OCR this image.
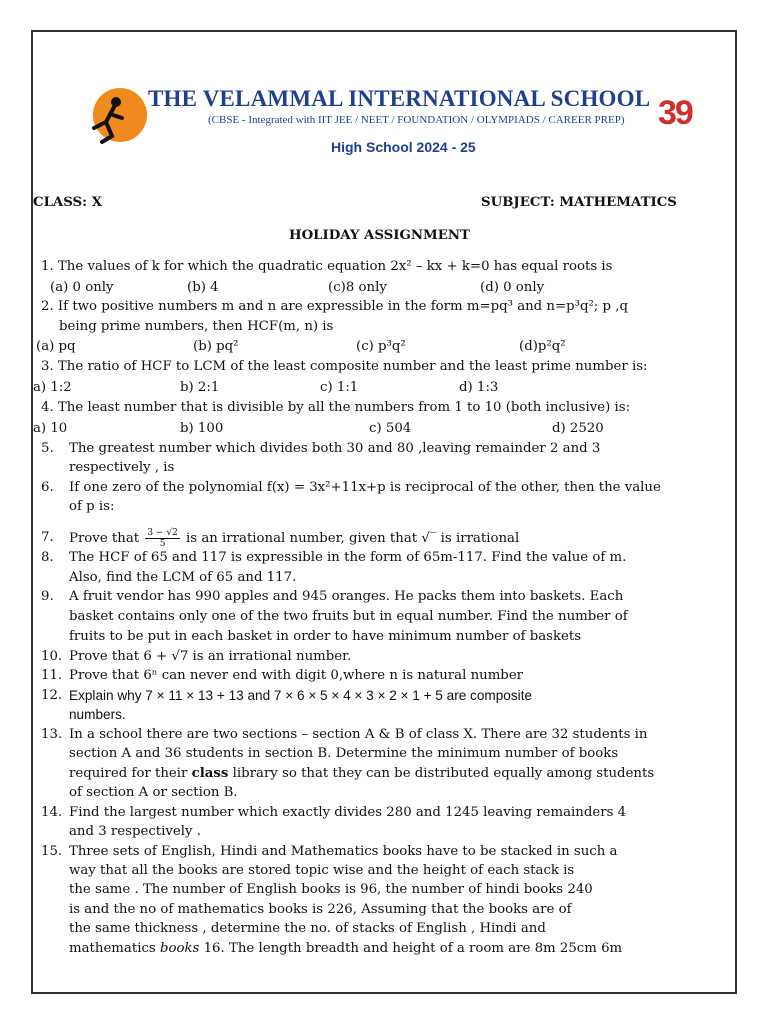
THE VELAMMAL INTERNATIONAL SCHOOL
(CBSE - Integrated with IIT JEE / NEET / FOUNDATION / OLYMPIADS / CAREER PREP)
High School 2024 - 25
39
CLASS: X	SUBJECT: MATHEMATICS
HOLIDAY ASSIGNMENT
1. The values of k for which the quadratic equation 2x² – kx + k=0 has equal roots is
(a) 0 only	(b) 4	(c)8 only	(d) 0 only
2. If two positive numbers m and n are expressible in the form m=pq³ and n=p³q²; p ,q
being prime numbers, then HCF(m, n) is
(a) pq	(b) pq²	(c) p³q²	(d)p²q²
3. The ratio of HCF to LCM of the least composite number and the least prime number is:
a) 1:2	b) 2:1	c) 1:1	d) 1:3
4. The least number that is divisible by all the numbers from 1 to 10 (both inclusive) is:
a) 10	b) 100	c) 504	d) 2520
5. The greatest number which divides both 30 and 80 ,leaving remainder 2 and 3
respectively , is
6. If one zero of the polynomial f(x) = 3x²+11x+p is reciprocal of the other, then the value
of p is:
7. Prove that $\frac{3 - √2}{5}$ is an irrational number, given that √‾ is irrational
8. The HCF of 65 and 117 is expressible in the form of 65m-117. Find the value of m.
Also, find the LCM of 65 and 117.
9. A fruit vendor has 990 apples and 945 oranges. He packs them into baskets. Each
basket contains only one of the two fruits but in equal number. Find the number of
fruits to be put in each basket in order to have minimum number of baskets
10. Prove that 6 + √7 is an irrational number.
11. Prove that 6ⁿ can never end with digit 0,where n is natural number
12. Explain why 7 × 11 × 13 + 13 and 7 × 6 × 5 × 4 × 3 × 2 × 1 + 5 are composite
numbers.
13. In a school there are two sections – section A & B of class X. There are 32 students in
section A and 36 students in section B. Determine the minimum number of books
required for their class library so that they can be distributed equally among students
of section A or section B.
14. Find the largest number which exactly divides 280 and 1245 leaving remainders 4
and 3 respectively .
15. Three sets of English, Hindi and Mathematics books have to be stacked in such a
way that all the books are stored topic wise and the height of each stack is
the same . The number of English books is 96, the number of hindi books 240
is and the no of mathematics books is 226, Assuming that the books are of
the same thickness , determine the no. of stacks of English , Hindi and
mathematics books 16. The length breadth and height of a room are 8m 25cm 6m
